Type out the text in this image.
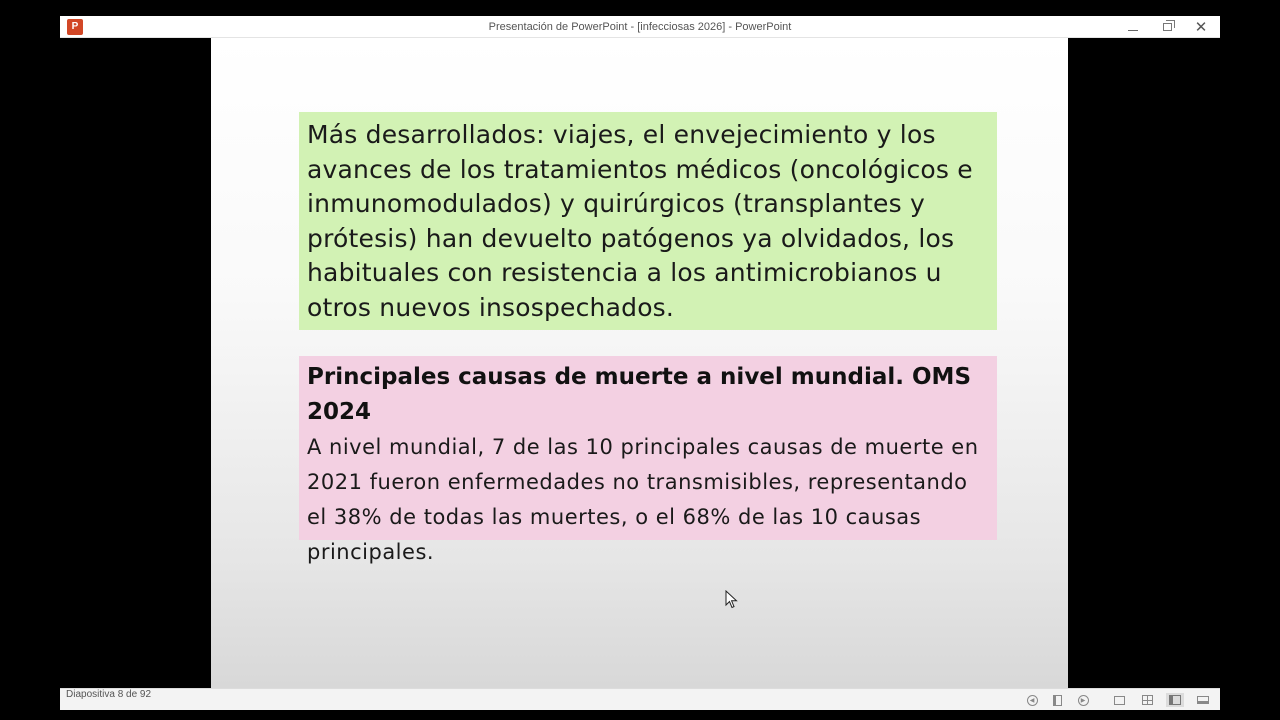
P	Presentación de PowerPoint - [infecciosas 2026] - PowerPoint	✕

Más desarrollados: viajes, el envejecimiento y los avances de los tratamientos médicos (oncológicos e inmunomodulados) y quirúrgicos (transplantes y prótesis) han devuelto patógenos ya olvidados, los habituales con resistencia a los antimicrobianos u otros nuevos insospechados.

Principales causas de muerte a nivel mundial. OMS 2024

A nivel mundial, 7 de las 10 principales causas de muerte en 2021 fueron enfermedades no transmisibles, representando el 38% de todas las muertes, o el 68% de las 10 causas principales.

Diapositiva 8 de 92	◀	▶
